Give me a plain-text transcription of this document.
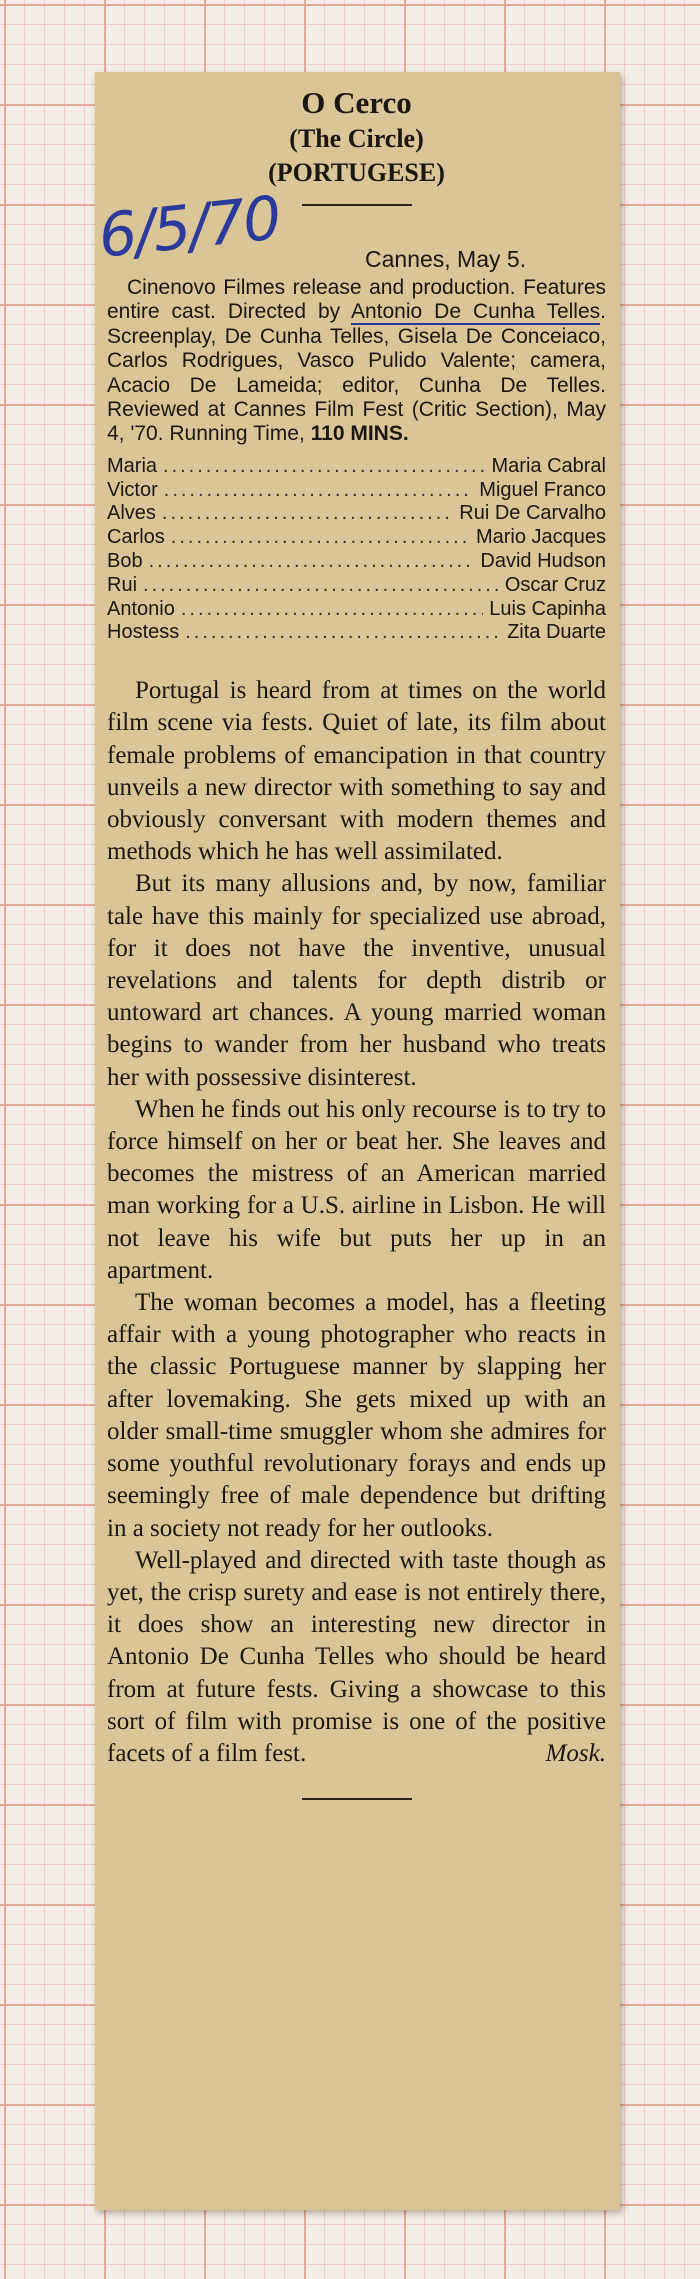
O Cerco
(The Circle)
(PORTUGESE)
6/5/70	Cannes, May 5.
Cinenovo Filmes release and production. Features entire cast. Directed by Antonio De Cunha Telles. Screenplay, De Cunha Telles, Gisela De Conceiaco, Carlos Rodrigues, Vasco Pulido Valente; camera, Acacio De Lameida; editor, Cunha De Telles. Reviewed at Cannes Film Fest (Critic Section), May 4, '70. Running Time, 110 MINS.
Maria .....	Maria Cabral
Victor .....	Miguel Franco
Alves .....	Rui De Carvalho
Carlos .....	Mario Jacques
Bob .....	David Hudson
Rui .....	Oscar Cruz
Antonio .....	Luis Capinha
Hostess .....	Zita Duarte

Portugal is heard from at times on the world film scene via fests. Quiet of late, its film about female problems of emancipation in that country unveils a new director with something to say and obviously conversant with modern themes and methods which he has well assimilated.

But its many allusions and, by now, familiar tale have this mainly for specialized use abroad, for it does not have the inventive, unusual revelations and talents for depth distrib or untoward art chances. A young married woman begins to wander from her husband who treats her with possessive disinterest.

When he finds out his only recourse is to try to force himself on her or beat her. She leaves and becomes the mistress of an American married man working for a U.S. airline in Lisbon. He will not leave his wife but puts her up in an apartment.

The woman becomes a model, has a fleeting affair with a young photographer who reacts in the classic Portuguese manner by slapping her after lovemaking. She gets mixed up with an older small-time smuggler whom she admires for some youthful revolutionary forays and ends up seemingly free of male dependence but drifting in a society not ready for her outlooks.

Well-played and directed with taste though as yet, the crisp surety and ease is not entirely there, it does show an interesting new director in Antonio De Cunha Telles who should be heard from at future fests. Giving a showcase to this sort of film with promise is one of the positive facets of a film fest.	Mosk.
